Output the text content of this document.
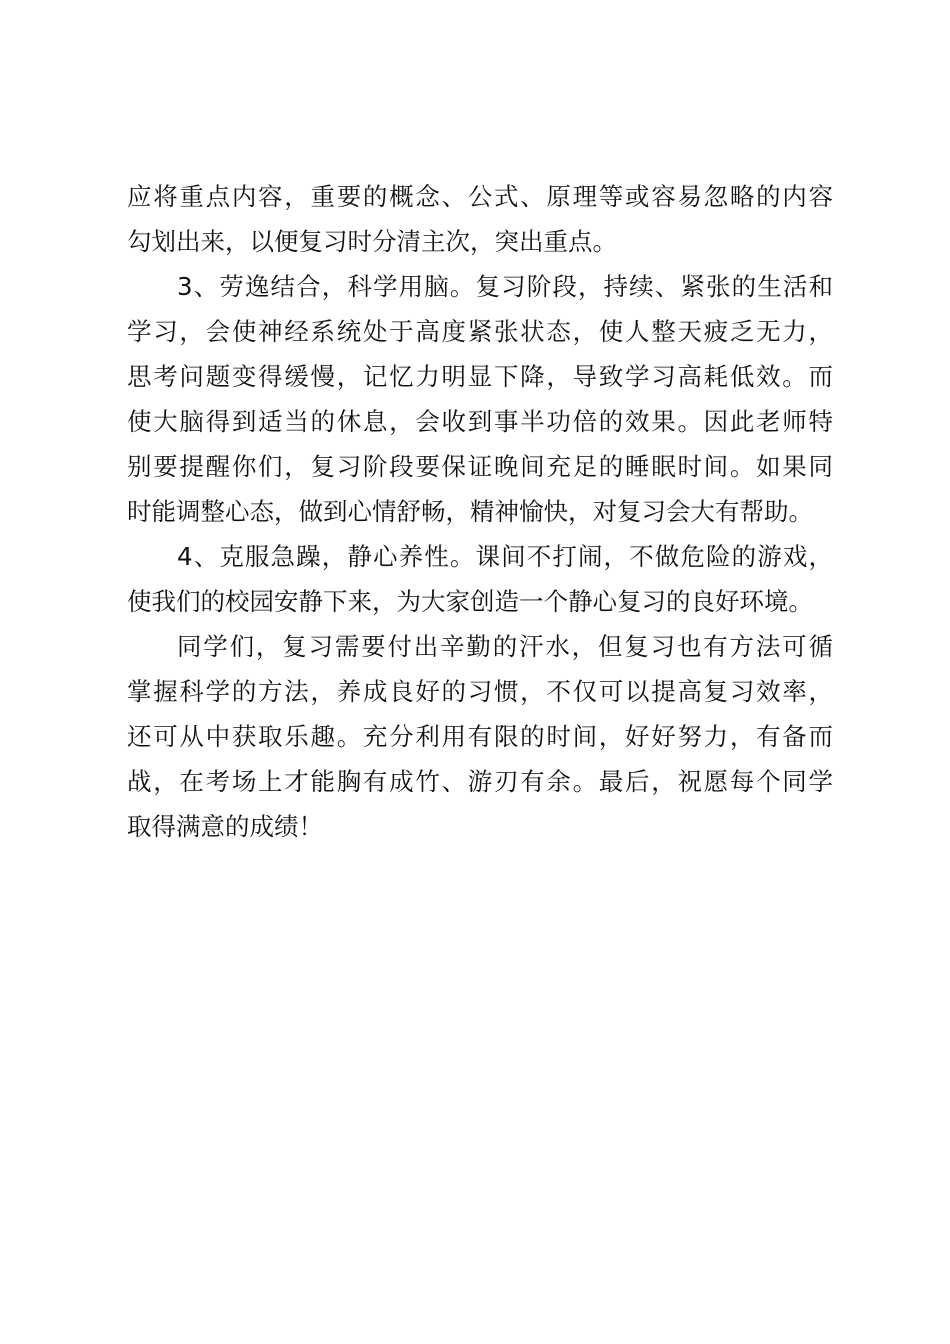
应将重点内容，重要的概念、公式、原理等或容易忽略的内容
勾划出来，以便复习时分清主次，突出重点。
3、劳逸结合，科学用脑。复习阶段，持续、紧张的生活和
学习，会使神经系统处于高度紧张状态，使人整天疲乏无力，
思考问题变得缓慢，记忆力明显下降，导致学习高耗低效。而
使大脑得到适当的休息，会收到事半功倍的效果。因此老师特
别要提醒你们，复习阶段要保证晚间充足的睡眠时间。如果同
时能调整心态，做到心情舒畅，精神愉快，对复习会大有帮助。
4、克服急躁，静心养性。课间不打闹，不做危险的游戏，
使我们的校园安静下来，为大家创造一个静心复习的良好环境。
同学们，复习需要付出辛勤的汗水，但复习也有方法可循
掌握科学的方法，养成良好的习惯，不仅可以提高复习效率，
还可从中获取乐趣。充分利用有限的时间，好好努力，有备而
战，在考场上才能胸有成竹、游刃有余。最后，祝愿每个同学
取得满意的成绩！
